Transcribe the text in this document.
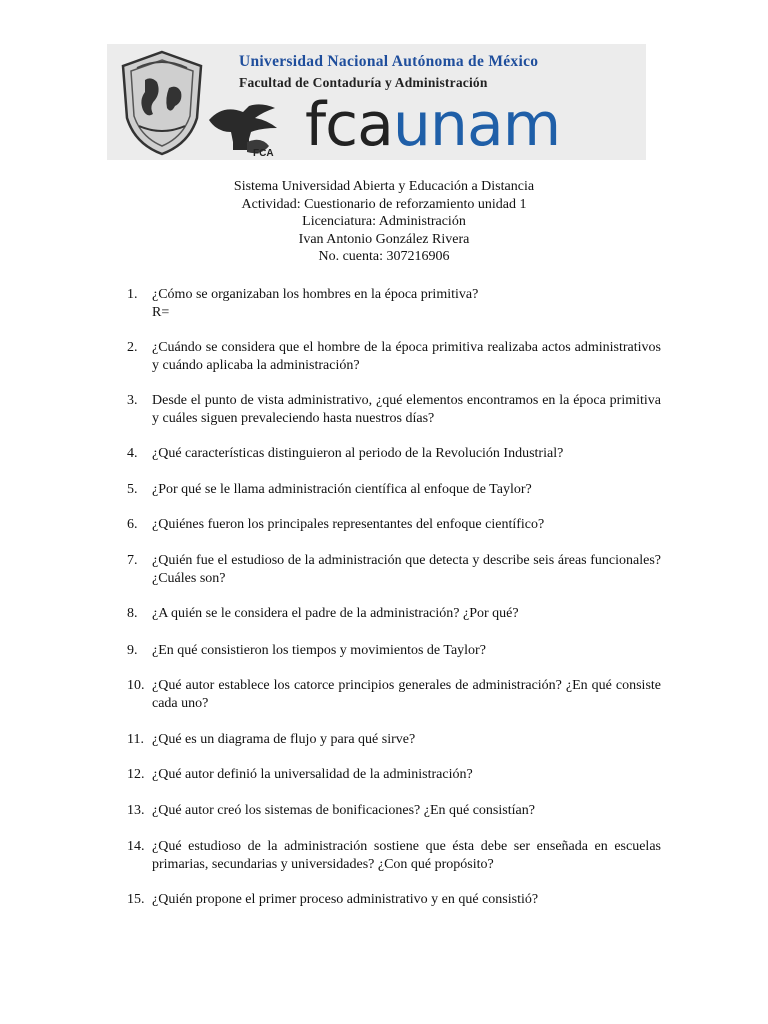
FCA
Universidad Nacional Autónoma de México
Facultad de Contaduría y Administración
fcaunam
Sistema Universidad Abierta y Educación a Distancia
Actividad: Cuestionario de reforzamiento unidad 1
Licenciatura: Administración
Ivan Antonio González Rivera
No. cuenta: 307216906
1. ¿Cómo se organizaban los hombres en la época primitiva?
R=
2. ¿Cuándo se considera que el hombre de la época primitiva realizaba actos administrativos y cuándo aplicaba la administración?
3. Desde el punto de vista administrativo, ¿qué elementos encontramos en la época primitiva y cuáles siguen prevaleciendo hasta nuestros días?
4. ¿Qué características distinguieron al periodo de la Revolución Industrial?
5. ¿Por qué se le llama administración científica al enfoque de Taylor?
6. ¿Quiénes fueron los principales representantes del enfoque científico?
7. ¿Quién fue el estudioso de la administración que detecta y describe seis áreas funcionales? ¿Cuáles son?
8. ¿A quién se le considera el padre de la administración? ¿Por qué?
9. ¿En qué consistieron los tiempos y movimientos de Taylor?
10. ¿Qué autor establece los catorce principios generales de administración? ¿En qué consiste cada uno?
11. ¿Qué es un diagrama de flujo y para qué sirve?
12. ¿Qué autor definió la universalidad de la administración?
13. ¿Qué autor creó los sistemas de bonificaciones? ¿En qué consistían?
14. ¿Qué estudioso de la administración sostiene que ésta debe ser enseñada en escuelas primarias, secundarias y universidades? ¿Con qué propósito?
15. ¿Quién propone el primer proceso administrativo y en qué consistió?
